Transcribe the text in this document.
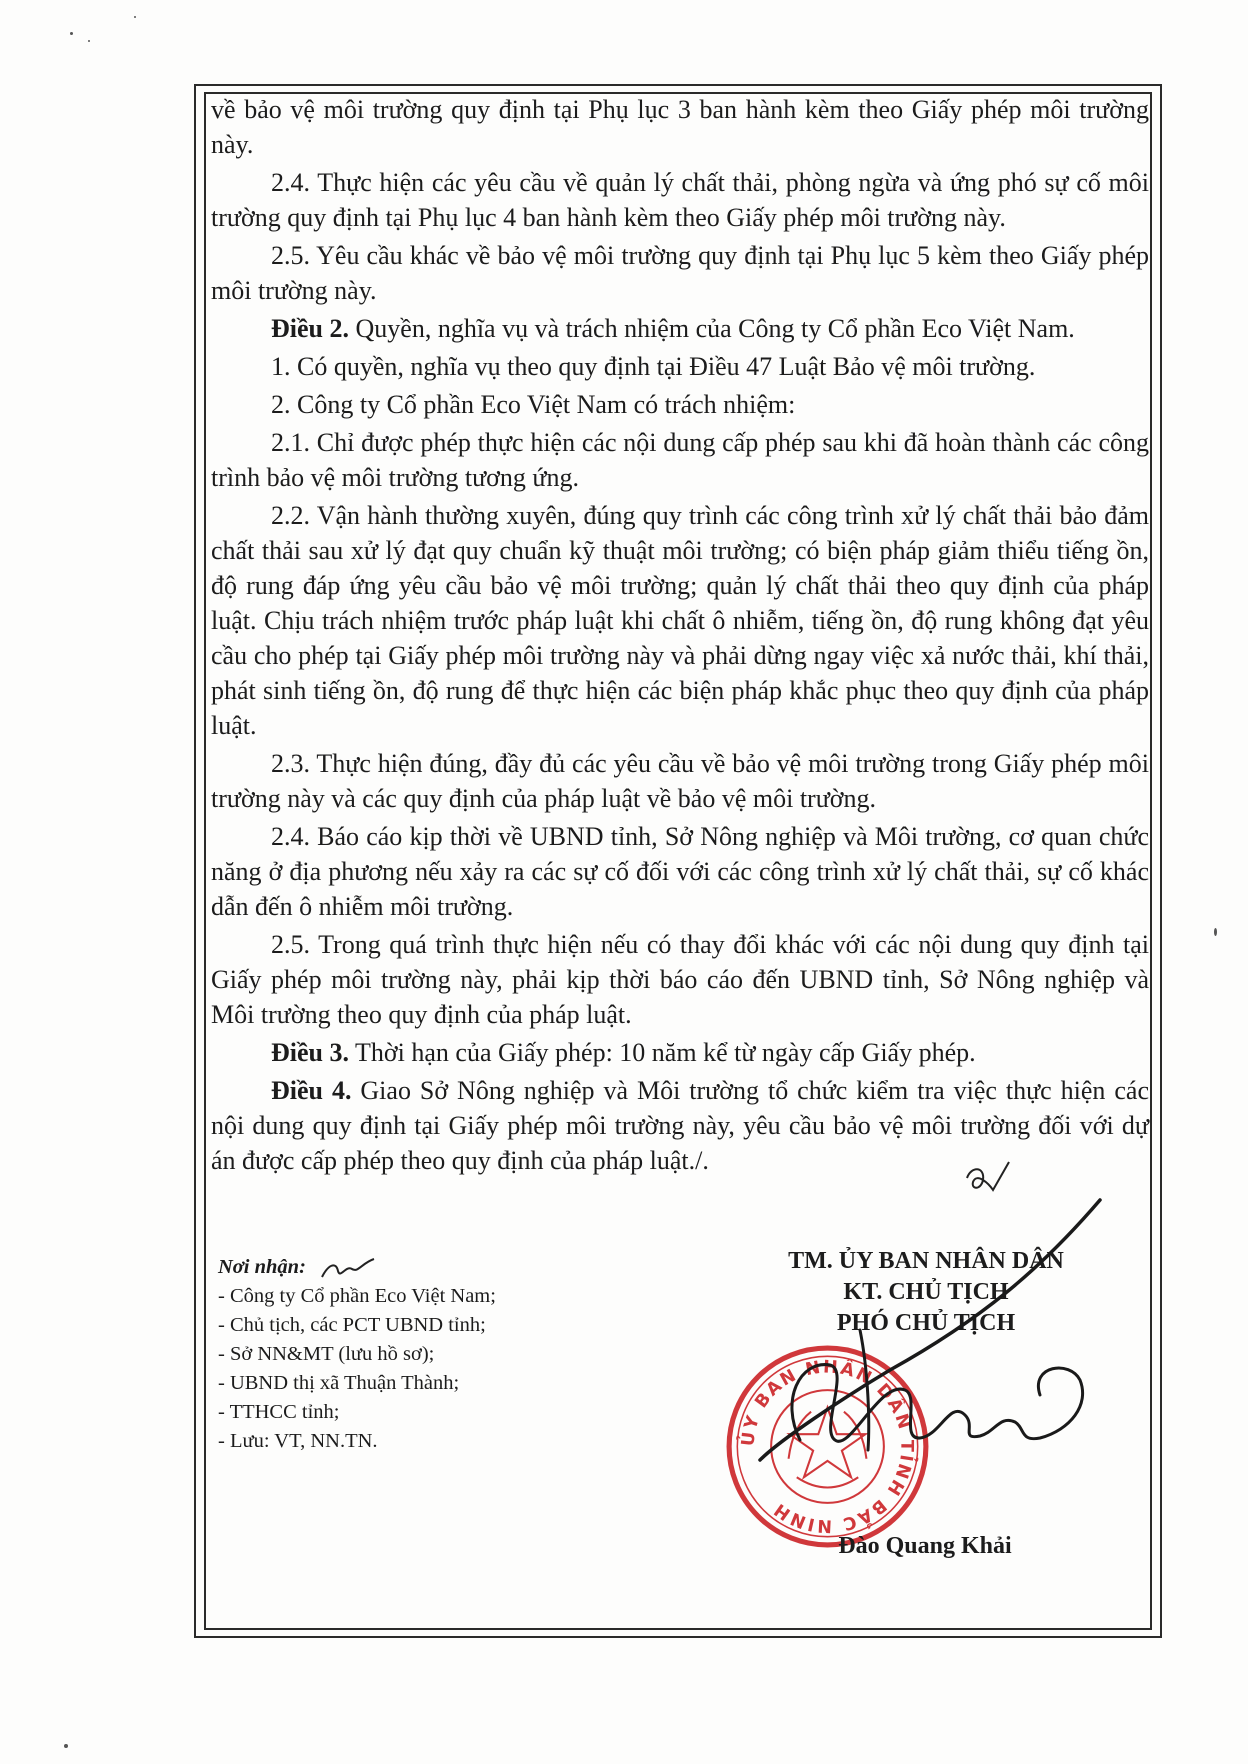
về bảo vệ môi trường quy định tại Phụ lục 3 ban hành kèm theo Giấy phép môi trường này.

2.4. Thực hiện các yêu cầu về quản lý chất thải, phòng ngừa và ứng phó sự cố môi trường quy định tại Phụ lục 4 ban hành kèm theo Giấy phép môi trường này.

2.5. Yêu cầu khác về bảo vệ môi trường quy định tại Phụ lục 5 kèm theo Giấy phép môi trường này.

Điều 2. Quyền, nghĩa vụ và trách nhiệm của Công ty Cổ phần Eco Việt Nam.

1. Có quyền, nghĩa vụ theo quy định tại Điều 47 Luật Bảo vệ môi trường.

2. Công ty Cổ phần Eco Việt Nam có trách nhiệm:

2.1. Chỉ được phép thực hiện các nội dung cấp phép sau khi đã hoàn thành các công trình bảo vệ môi trường tương ứng.

2.2. Vận hành thường xuyên, đúng quy trình các công trình xử lý chất thải bảo đảm chất thải sau xử lý đạt quy chuẩn kỹ thuật môi trường; có biện pháp giảm thiểu tiếng ồn, độ rung đáp ứng yêu cầu bảo vệ môi trường; quản lý chất thải theo quy định của pháp luật. Chịu trách nhiệm trước pháp luật khi chất ô nhiễm, tiếng ồn, độ rung không đạt yêu cầu cho phép tại Giấy phép môi trường này và phải dừng ngay việc xả nước thải, khí thải, phát sinh tiếng ồn, độ rung để thực hiện các biện pháp khắc phục theo quy định của pháp luật.

2.3. Thực hiện đúng, đầy đủ các yêu cầu về bảo vệ môi trường trong Giấy phép môi trường này và các quy định của pháp luật về bảo vệ môi trường.

2.4. Báo cáo kịp thời về UBND tỉnh, Sở Nông nghiệp và Môi trường, cơ quan chức năng ở địa phương nếu xảy ra các sự cố đối với các công trình xử lý chất thải, sự cố khác dẫn đến ô nhiễm môi trường.

2.5. Trong quá trình thực hiện nếu có thay đổi khác với các nội dung quy định tại Giấy phép môi trường này, phải kịp thời báo cáo đến UBND tỉnh, Sở Nông nghiệp và Môi trường theo quy định của pháp luật.

Điều 3. Thời hạn của Giấy phép: 10 năm kể từ ngày cấp Giấy phép.

Điều 4. Giao Sở Nông nghiệp và Môi trường tổ chức kiểm tra việc thực hiện các nội dung quy định tại Giấy phép môi trường này, yêu cầu bảo vệ môi trường đối với dự án được cấp phép theo quy định của pháp luật./.

Nơi nhận:
- Công ty Cổ phần Eco Việt Nam;
- Chủ tịch, các PCT UBND tỉnh;
- Sở NN&MT (lưu hồ sơ);
- UBND thị xã Thuận Thành;
- TTHCC tỉnh;
- Lưu: VT, NN.TN.
TM. ỦY BAN NHÂN DÂN
KT. CHỦ TỊCH
PHÓ CHỦ TỊCH
ỦY BAN NHÂN DÂN TỈNH BẮC NINH
Đào Quang Khải
